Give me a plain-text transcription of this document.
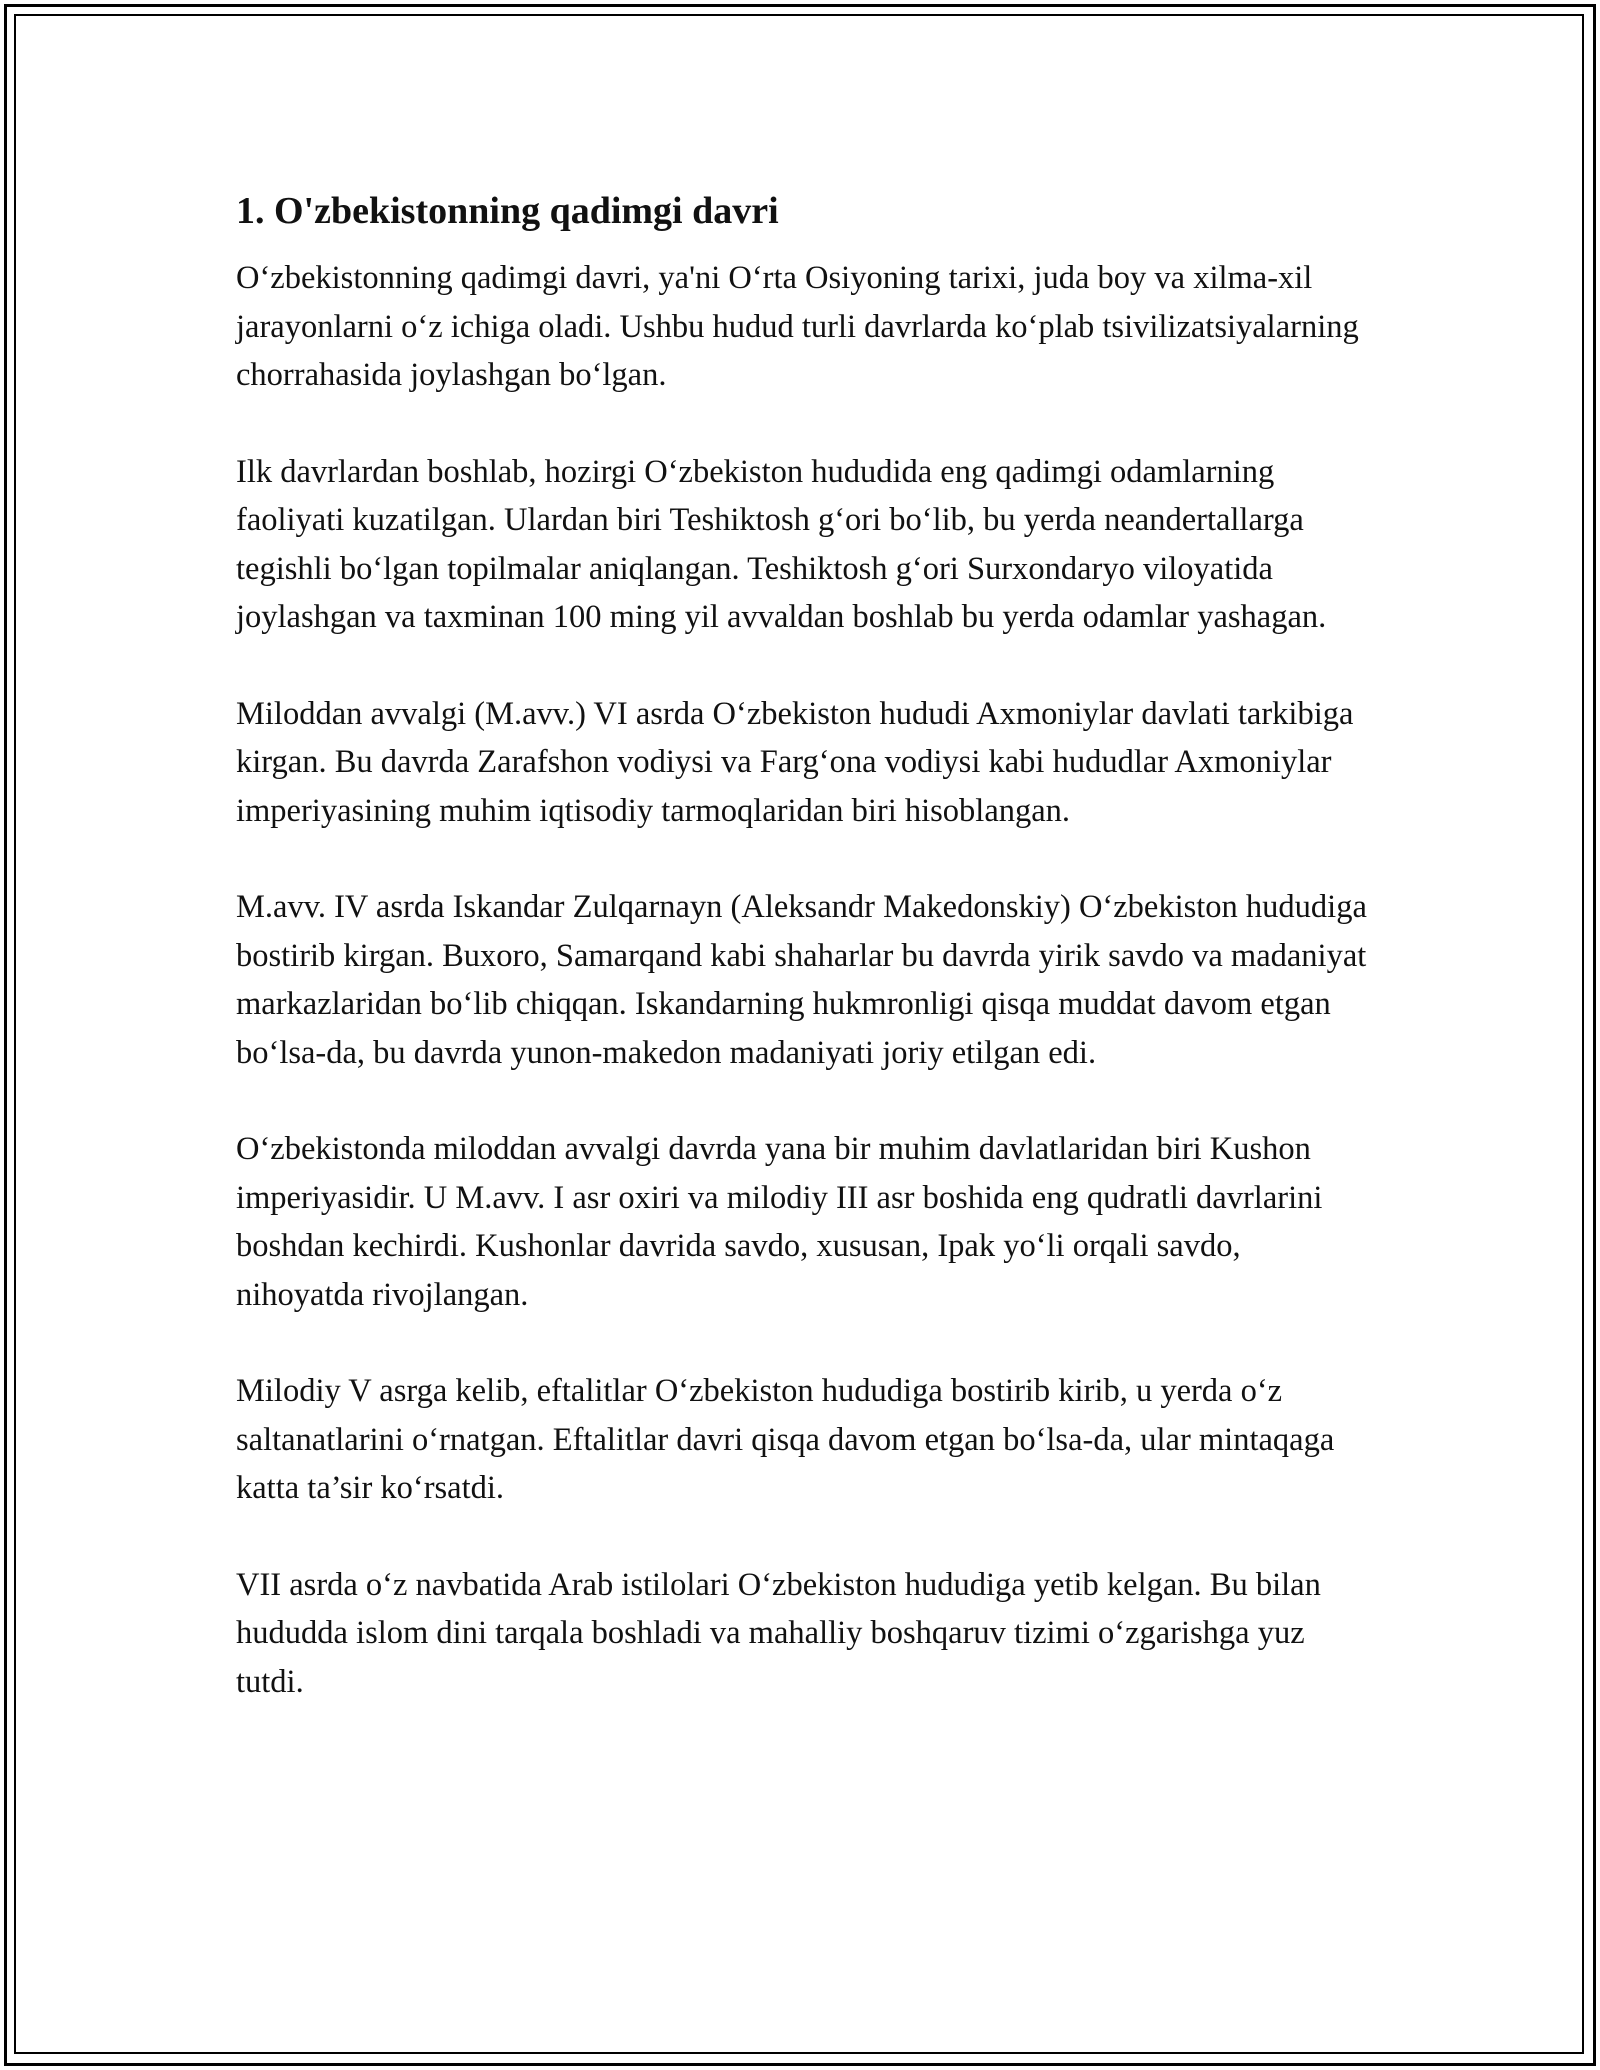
1. O'zbekistonning qadimgi davri

O‘zbekistonning qadimgi davri, ya'ni O‘rta Osiyoning tarixi, juda boy va xilma-xil jarayonlarni o‘z ichiga oladi. Ushbu hudud turli davrlarda ko‘plab tsivilizatsiyalarning chorrahasida joylashgan bo‘lgan.

Ilk davrlardan boshlab, hozirgi O‘zbekiston hududida eng qadimgi odamlarning faoliyati kuzatilgan. Ulardan biri Teshiktosh g‘ori bo‘lib, bu yerda neandertallarga tegishli bo‘lgan topilmalar aniqlangan. Teshiktosh g‘ori Surxondaryo viloyatida joylashgan va taxminan 100 ming yil avvaldan boshlab bu yerda odamlar yashagan.

Miloddan avvalgi (M.avv.) VI asrda O‘zbekiston hududi Axmoniylar davlati tarkibiga kirgan. Bu davrda Zarafshon vodiysi va Farg‘ona vodiysi kabi hududlar Axmoniylar imperiyasining muhim iqtisodiy tarmoqlaridan biri hisoblangan.

M.avv. IV asrda Iskandar Zulqarnayn (Aleksandr Makedonskiy) O‘zbekiston hududiga bostirib kirgan. Buxoro, Samarqand kabi shaharlar bu davrda yirik savdo va madaniyat markazlaridan bo‘lib chiqqan. Iskandarning hukmronligi qisqa muddat davom etgan bo‘lsa-da, bu davrda yunon-makedon madaniyati joriy etilgan edi.

O‘zbekistonda miloddan avvalgi davrda yana bir muhim davlatlaridan biri Kushon imperiyasidir. U M.avv. I asr oxiri va milodiy III asr boshida eng qudratli davrlarini boshdan kechirdi. Kushonlar davrida savdo, xususan, Ipak yo‘li orqali savdo, nihoyatda rivojlangan.

Milodiy V asrga kelib, eftalitlar O‘zbekiston hududiga bostirib kirib, u yerda o‘z saltanatlarini o‘rnatgan. Eftalitlar davri qisqa davom etgan bo‘lsa-da, ular mintaqaga katta ta’sir ko‘rsatdi.

VII asrda o‘z navbatida Arab istilolari O‘zbekiston hududiga yetib kelgan. Bu bilan hududda islom dini tarqala boshladi va mahalliy boshqaruv tizimi o‘zgarishga yuz tutdi.
